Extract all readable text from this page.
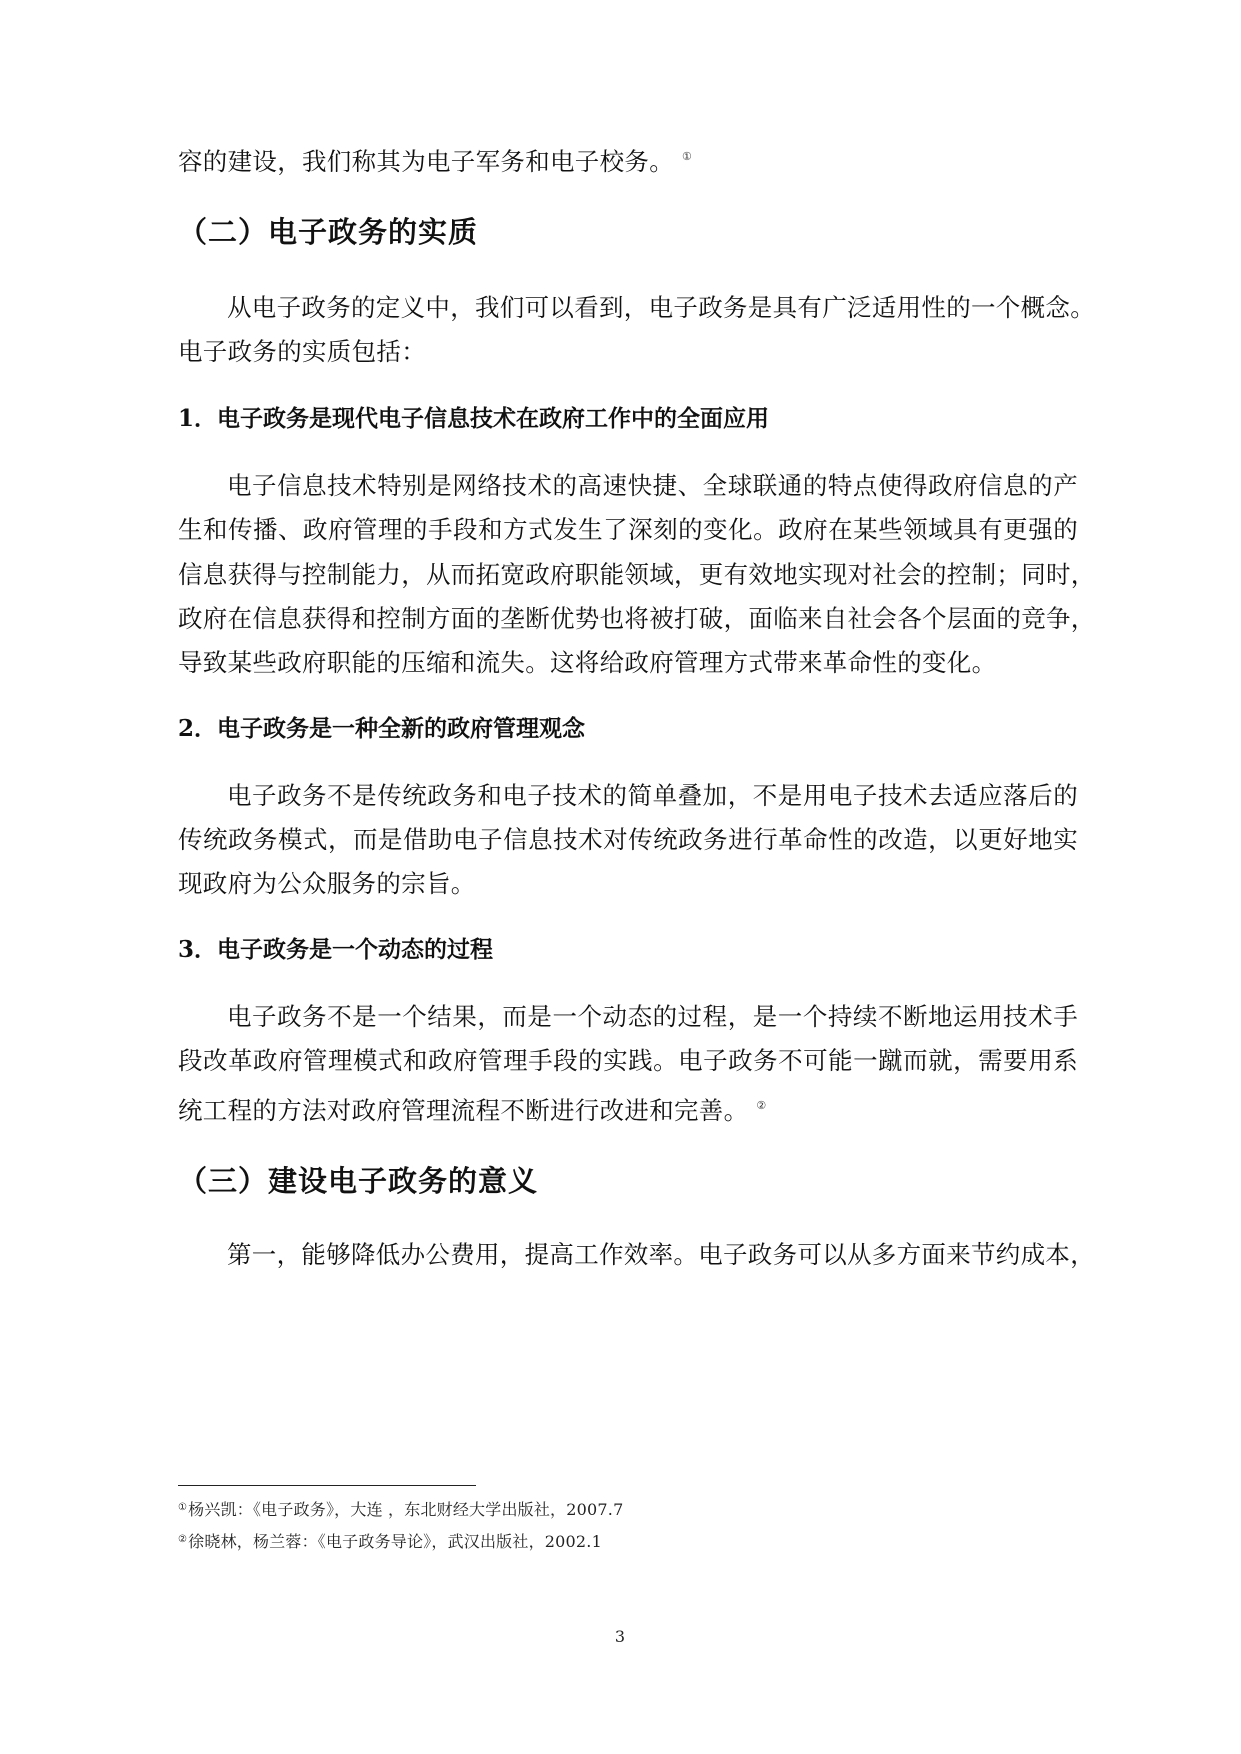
容的建设，我们称其为电子军务和电子校务。 ①
（二）电子政务的实质
从电子政务的定义中，我们可以看到，电子政务是具有广泛适用性的一个概念。
电子政务的实质包括：
1．电子政务是现代电子信息技术在政府工作中的全面应用
电子信息技术特别是网络技术的高速快捷、全球联通的特点使得政府信息的产
生和传播、政府管理的手段和方式发生了深刻的变化。政府在某些领域具有更强的
信息获得与控制能力，从而拓宽政府职能领域，更有效地实现对社会的控制；同时，
政府在信息获得和控制方面的垄断优势也将被打破，面临来自社会各个层面的竞争，
导致某些政府职能的压缩和流失。这将给政府管理方式带来革命性的变化。
2．电子政务是一种全新的政府管理观念
电子政务不是传统政务和电子技术的简单叠加，不是用电子技术去适应落后的
传统政务模式，而是借助电子信息技术对传统政务进行革命性的改造，以更好地实
现政府为公众服务的宗旨。
3．电子政务是一个动态的过程
电子政务不是一个结果，而是一个动态的过程，是一个持续不断地运用技术手
段改革政府管理模式和政府管理手段的实践。电子政务不可能一蹴而就，需要用系
统工程的方法对政府管理流程不断进行改进和完善。 ②
（三）建设电子政务的意义
第一，能够降低办公费用，提高工作效率。电子政务可以从多方面来节约成本，
①杨兴凯：《电子政务》，大连 ，东北财经大学出版社，2007.7
②徐晓林，杨兰蓉：《电子政务导论》，武汉出版社，2002.1
3
